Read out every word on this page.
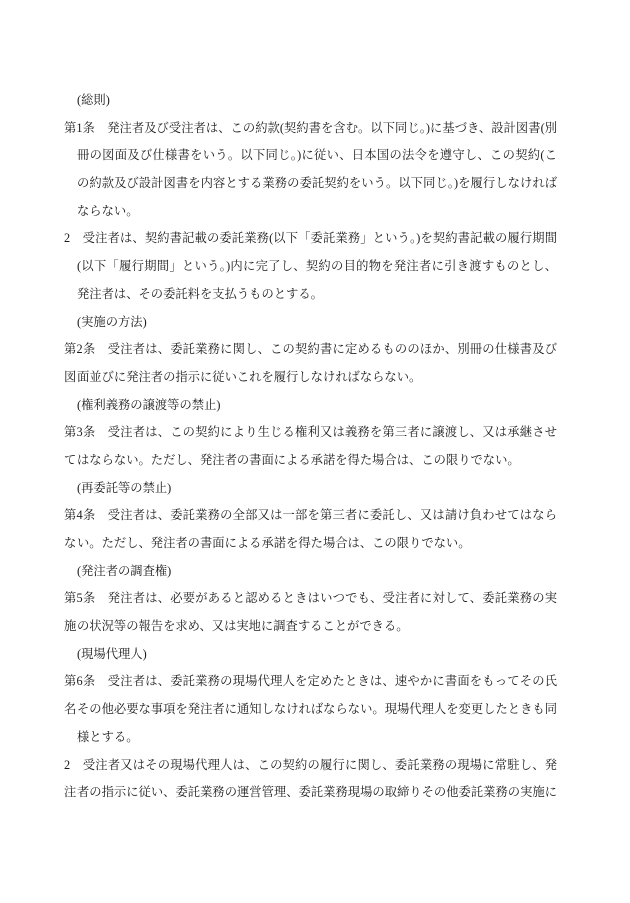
(総則)
第1条　発注者及び受注者は、この約款(契約書を含む。以下同じ。)に基づき、設計図書(別
冊の図面及び仕様書をいう。以下同じ。)に従い、日本国の法令を遵守し、この契約(こ
の約款及び設計図書を内容とする業務の委託契約をいう。以下同じ。)を履行しなければ
ならない。
2　受注者は、契約書記載の委託業務(以下「委託業務」という。)を契約書記載の履行期間
(以下「履行期間」という。)内に完了し、契約の目的物を発注者に引き渡すものとし、
発注者は、その委託料を支払うものとする。
(実施の方法)
第2条　受注者は、委託業務に関し、この契約書に定めるもののほか、別冊の仕様書及び図 面並びに発注者の指示に従いこれを履行しなければならない。
(権利義務の譲渡等の禁止)
第3条　受注者は、この契約により生じる権利又は義務を第三者に譲渡し、又は承継させて はならない。ただし、発注者の書面による承諾を得た場合は、この限りでない。
(再委託等の禁止)
第4条　受注者は、委託業務の全部又は一部を第三者に委託し、又は請け負わせてはならな い。ただし、発注者の書面による承諾を得た場合は、この限りでない。
(発注者の調査権)
第5条　発注者は、必要があると認めるときはいつでも、受注者に対して、委託業務の実施 の状況等の報告を求め、又は実地に調査することができる。
(現場代理人)
第6条　受注者は、委託業務の現場代理人を定めたときは、速やかに書面をもってその氏名 その他必要な事項を発注者に通知しなければならない。現場代理人を変更したときも同
様とする。
2　受注者又はその現場代理人は、この契約の履行に関し、委託業務の現場に常駐し、発注 者の指示に従い、委託業務の運営管理、委託業務現場の取締りその他委託業務の実施に
